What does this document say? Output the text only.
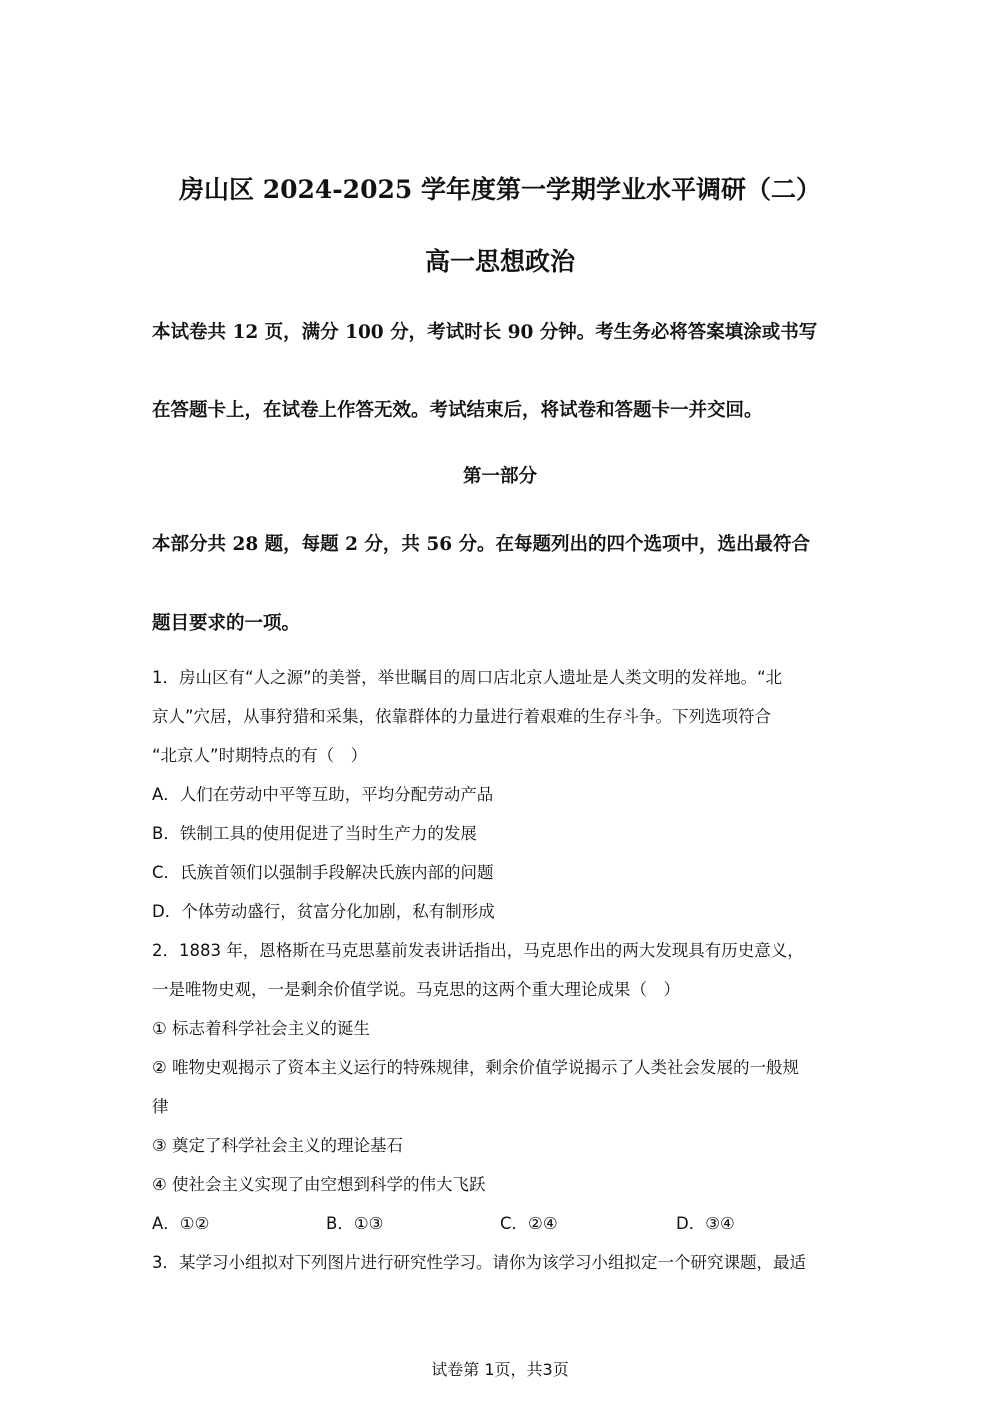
房山区 2024-2025 学年度第一学期学业水平调研（二）
高一思想政治
本试卷共 12 页，满分 100 分，考试时长 90 分钟。考生务必将答案填涂或书写
在答题卡上，在试卷上作答无效。考试结束后，将试卷和答题卡一并交回。
第一部分
本部分共 28 题，每题 2 分，共 56 分。在每题列出的四个选项中，选出最符合
题目要求的一项。
1．房山区有“人之源”的美誉，举世瞩目的周口店北京人遗址是人类文明的发祥地。“北
京人”穴居，从事狩猎和采集，依靠群体的力量进行着艰难的生存斗争。下列选项符合
“北京人”时期特点的有（　）
A．人们在劳动中平等互助，平均分配劳动产品
B．铁制工具的使用促进了当时生产力的发展
C．氏族首领们以强制手段解决氏族内部的问题
D．个体劳动盛行，贫富分化加剧，私有制形成
2．1883 年，恩格斯在马克思墓前发表讲话指出，马克思作出的两大发现具有历史意义，
一是唯物史观，一是剩余价值学说。马克思的这两个重大理论成果（　）
① 标志着科学社会主义的诞生
② 唯物史观揭示了资本主义运行的特殊规律，剩余价值学说揭示了人类社会发展的一般规
律
③ 奠定了科学社会主义的理论基石
④ 使社会主义实现了由空想到科学的伟大飞跃
A．①②	B．①③	C．②④	D．③④
3．某学习小组拟对下列图片进行研究性学习。请你为该学习小组拟定一个研究课题，最适
试卷第 1页，共3页
